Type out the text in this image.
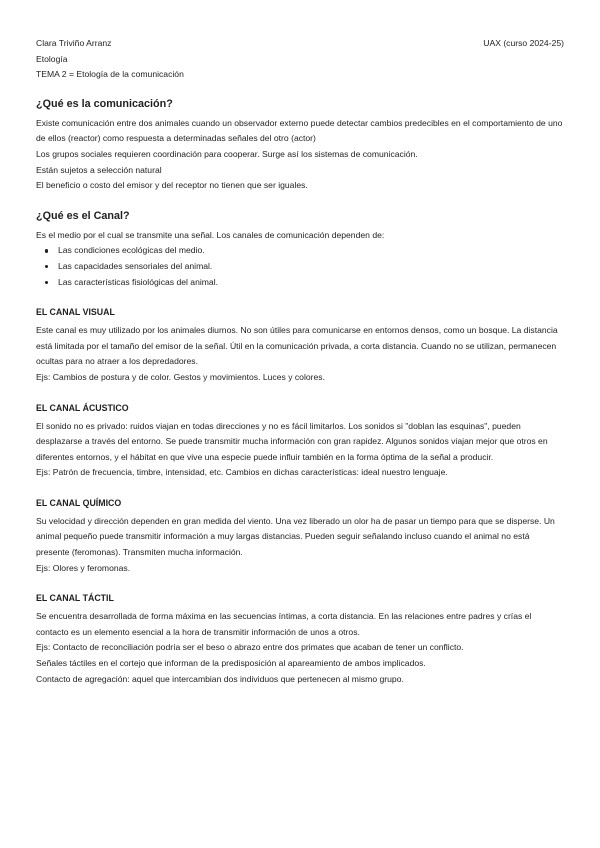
Clara Triviño Arranz	UAX (curso 2024-25)
Etología
TEMA 2 = Etología de la comunicación
¿Qué es la comunicación?

Existe comunicación entre dos animales cuando un observador externo puede detectar cambios predecibles en el comportamiento de uno de ellos (reactor) como respuesta a determinadas señales del otro (actor)

Los grupos sociales requieren coordinación para cooperar. Surge así los sistemas de comunicación.

Están sujetos a selección natural

El beneficio o costo del emisor y del receptor no tienen que ser iguales.

¿Qué es el Canal?

Es el medio por el cual se transmite una señal. Los canales de comunicación dependen de:

Las condiciones ecológicas del medio.
Las capacidades sensoriales del animal.
Las características fisiológicas del animal.
EL CANAL VISUAL

Este canal es muy utilizado por los animales diurnos. No son útiles para comunicarse en entornos densos, como un bosque. La distancia está limitada por el tamaño del emisor de la señal. Útil en la comunicación privada, a corta distancia. Cuando no se utilizan, permanecen ocultas para no atraer a los depredadores.

Ejs: Cambios de postura y de color. Gestos y movimientos. Luces y colores.

EL CANAL ÁCUSTICO

El sonido no es privado: ruidos viajan en todas direcciones y no es fácil limitarlos. Los sonidos si "doblan las esquinas", pueden desplazarse a través del entorno. Se puede transmitir mucha información con gran rapidez. Algunos sonidos viajan mejor que otros en diferentes entornos, y el hábitat en que vive una especie puede influir también en la forma óptima de la señal a producir.

Ejs: Patrón de frecuencia, timbre, intensidad, etc. Cambios en dichas características: ideal nuestro lenguaje.

EL CANAL QUÍMICO

Su velocidad y dirección dependen en gran medida del viento. Una vez liberado un olor ha de pasar un tiempo para que se disperse. Un animal pequeño puede transmitir información a muy largas distancias. Pueden seguir señalando incluso cuando el animal no está presente (feromonas). Transmiten mucha información.

Ejs: Olores y feromonas.

EL CANAL TÁCTIL

Se encuentra desarrollada de forma máxima en las secuencias íntimas, a corta distancia. En las relaciones entre padres y crías el contacto es un elemento esencial a la hora de transmitir información de unos a otros.

Ejs: Contacto de reconciliación podría ser el beso o abrazo entre dos primates que acaban de tener un conflicto.

Señales táctiles en el cortejo que informan de la predisposición al apareamiento de ambos implicados.

Contacto de agregación: aquel que intercambian dos individuos que pertenecen al mismo grupo.
